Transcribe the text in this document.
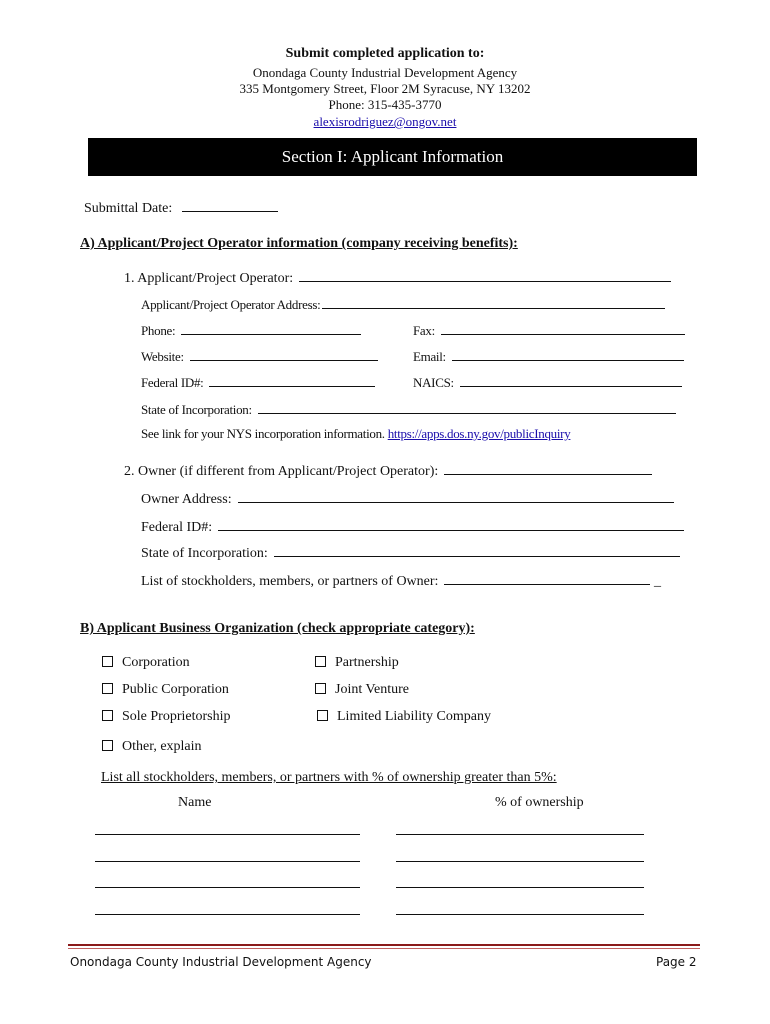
Submit completed application to:
Onondaga County Industrial Development Agency
335 Montgomery Street, Floor 2M Syracuse, NY 13202
Phone: 315-435-3770
alexisrodriguez@ongov.net
Section I: Applicant Information
Submittal Date:
A) Applicant/Project Operator information (company receiving benefits):
1. Applicant/Project Operator:
Applicant/Project Operator Address:
Phone:	Fax:
Website:	Email:
Federal ID#:	NAICS:
State of Incorporation:
See link for your NYS incorporation information. https://apps.dos.ny.gov/publicInquiry
2. Owner (if different from Applicant/Project Operator):
Owner Address:
Federal ID#:
State of Incorporation:
List of stockholders, members, or partners of Owner:	_
B) Applicant Business Organization (check appropriate category):
Corporation	Partnership
Public Corporation	Joint Venture
Sole Proprietorship	Limited Liability Company
Other, explain
List all stockholders, members, or partners with % of ownership greater than 5%:
Name	% of ownership
Onondaga County Industrial Development Agency	Page 2
